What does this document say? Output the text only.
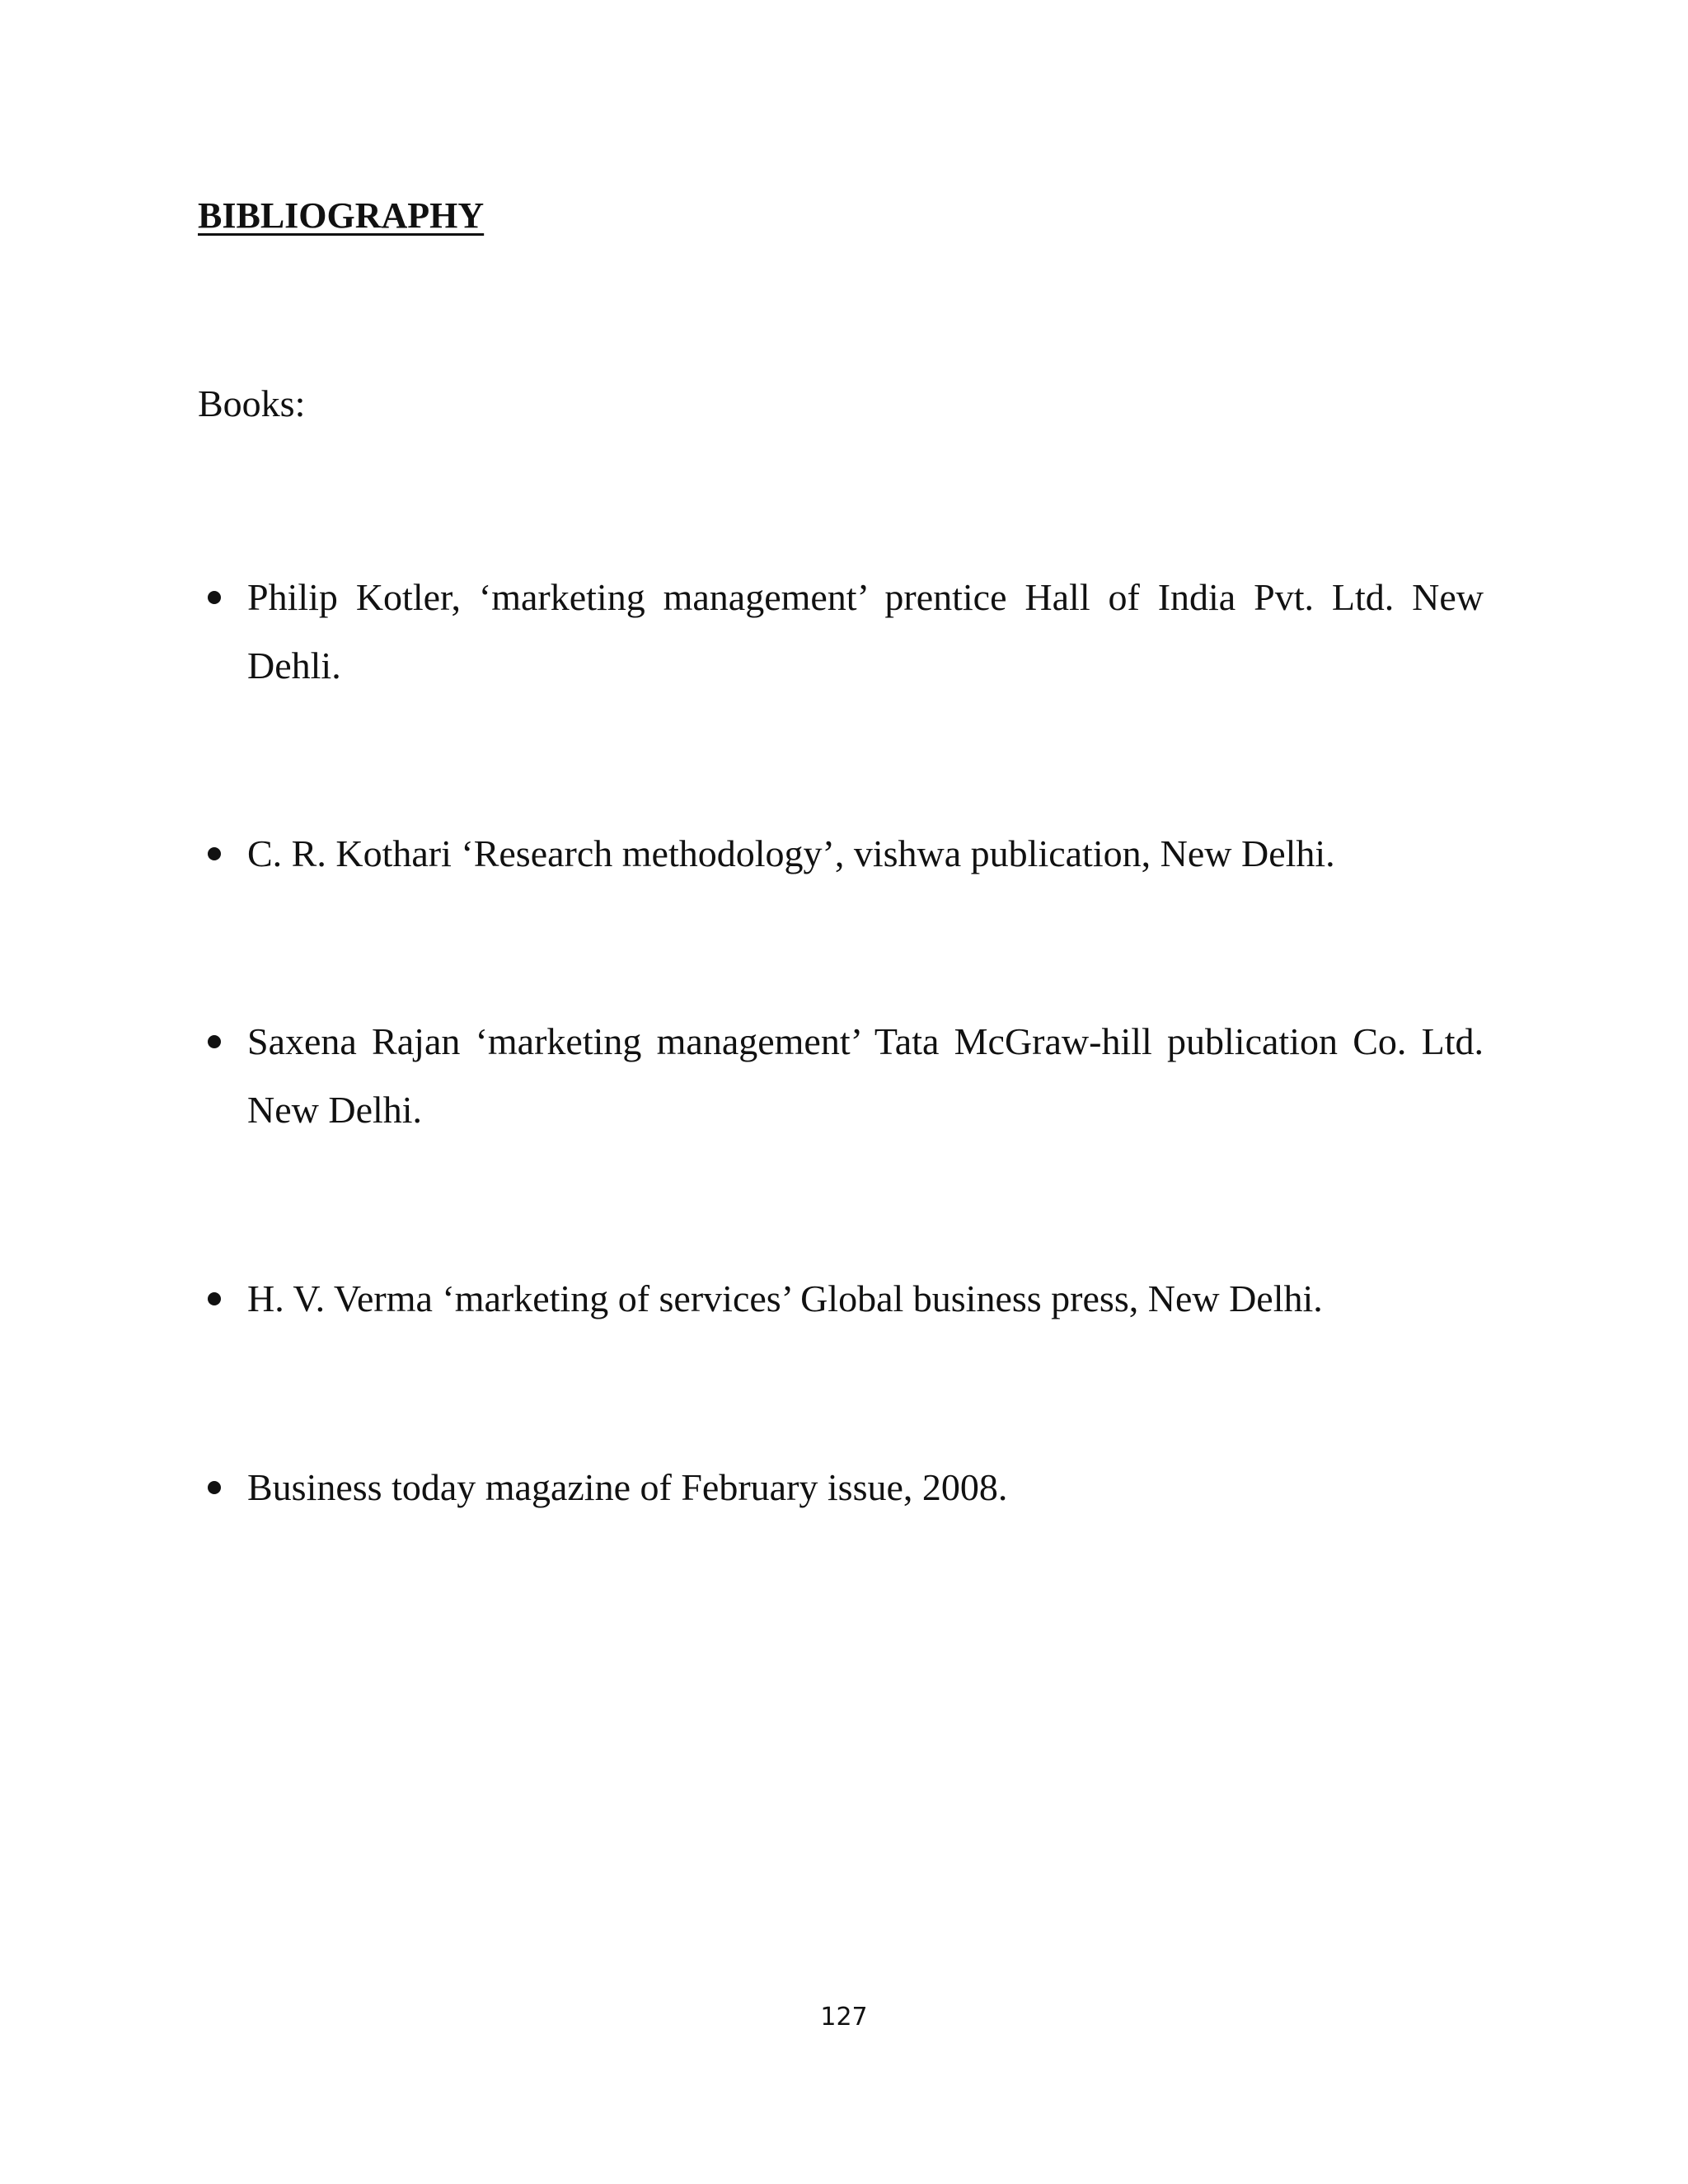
BIBLIOGRAPHY

Books:

Philip Kotler, ‘marketing management’ prentice Hall of India Pvt. Ltd. New Dehli.
C. R. Kothari ‘Research methodology’, vishwa publication, New Delhi.
Saxena Rajan ‘marketing management’ Tata McGraw-hill publication Co. Ltd. New Delhi.
H. V. Verma ‘marketing of services’ Global business press, New Delhi.
Business today magazine of February issue, 2008.

127
